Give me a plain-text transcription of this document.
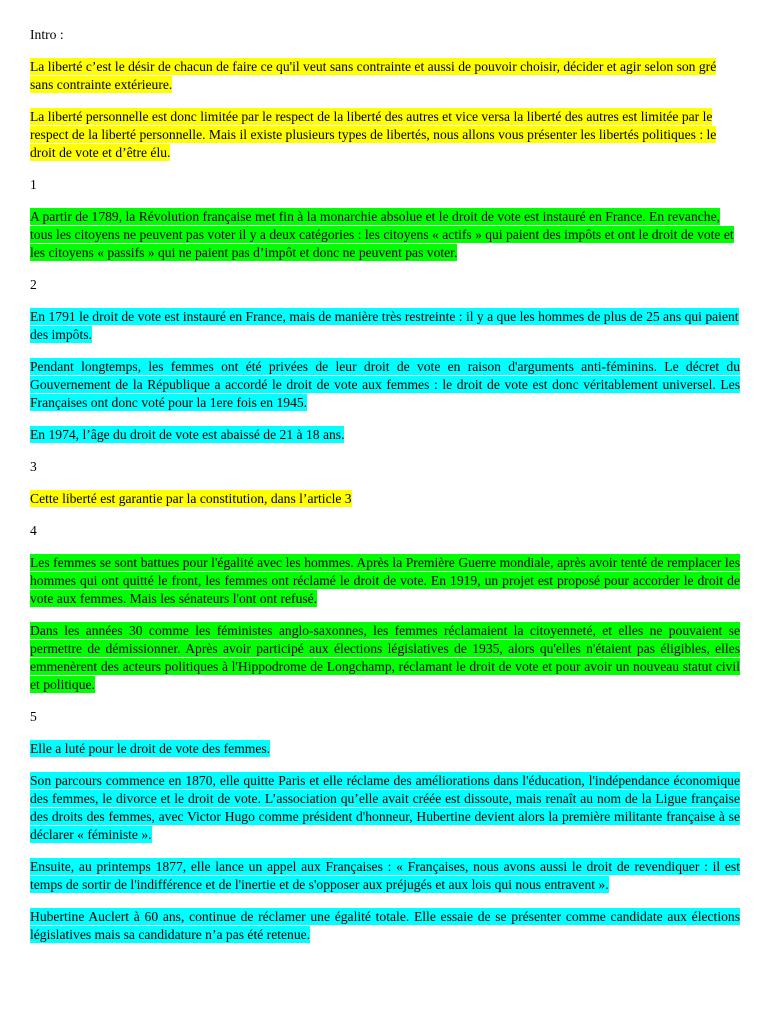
Intro :

La liberté c’est le désir de chacun de faire ce qu'il veut sans contrainte et aussi de pouvoir choisir, décider et agir selon son gré sans contrainte extérieure.

La liberté personnelle est donc limitée par le respect de la liberté des autres et vice versa la liberté des autres est limitée par le respect de la liberté personnelle. Mais il existe plusieurs types de libertés, nous allons vous présenter les libertés politiques : le droit de vote et d’être élu.

1

A partir de 1789, la Révolution française met fin à la monarchie absolue et le droit de vote est instauré en France. En revanche, tous les citoyens ne peuvent pas voter il y a deux catégories : les citoyens « actifs » qui paient des impôts et ont le droit de vote et les citoyens « passifs » qui ne paient pas d’impôt et donc ne peuvent pas voter.

2

En 1791 le droit de vote est instauré en France, mais de manière très restreinte : il y a que les hommes de plus de 25 ans qui paient des impôts.

Pendant longtemps, les femmes ont été privées de leur droit de vote en raison d'arguments anti-féminins. Le décret du Gouvernement de la République a accordé le droit de vote aux femmes : le droit de vote est donc véritablement universel. Les Françaises ont donc voté pour la 1ere fois en 1945.

En 1974, l’âge du droit de vote est abaissé de 21 à 18 ans.

3

Cette liberté est garantie par la constitution, dans l’article 3

4

Les femmes se sont battues pour l'égalité avec les hommes. Après la Première Guerre mondiale, après avoir tenté de remplacer les hommes qui ont quitté le front, les femmes ont réclamé le droit de vote. En 1919, un projet est proposé pour accorder le droit de vote aux femmes. Mais les sénateurs l'ont ont refusé.

Dans les années 30 comme les féministes anglo-saxonnes, les femmes réclamaient la citoyenneté, et elles ne pouvaient se permettre de démissionner. Après avoir participé aux élections législatives de 1935, alors qu'elles n'étaient pas éligibles, elles emmenèrent des acteurs politiques à l'Hippodrome de Longchamp, réclamant le droit de vote et pour avoir un nouveau statut civil et politique.

5

Elle a luté pour le droit de vote des femmes.

Son parcours commence en 1870, elle quitte Paris et elle réclame des améliorations dans l'éducation, l'indépendance économique des femmes, le divorce et le droit de vote. L’association qu’elle avait créée est dissoute, mais renaît au nom de la Ligue française des droits des femmes, avec Victor Hugo comme président d'honneur, Hubertine devient alors la première militante française à se déclarer « féministe ».

Ensuite, au printemps 1877, elle lance un appel aux Françaises : « Françaises, nous avons aussi le droit de revendiquer : il est temps de sortir de l'indifférence et de l'inertie et de s'opposer aux préjugés et aux lois qui nous entravent ».

Hubertine Auclert à 60 ans, continue de réclamer une égalité totale. Elle essaie de se présenter comme candidate aux élections législatives mais sa candidature n’a pas été retenue.
